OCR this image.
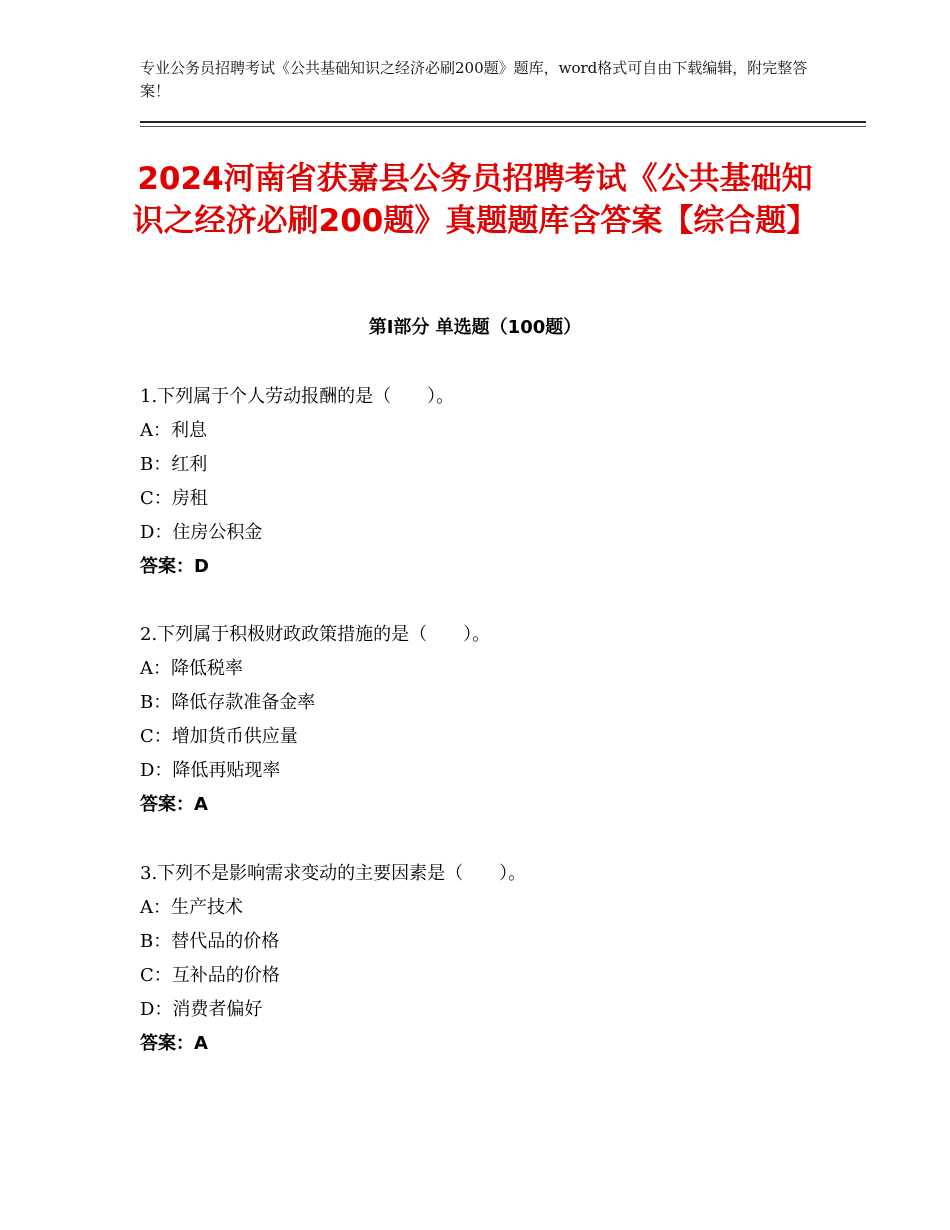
专业公务员招聘考试《公共基础知识之经济必刷200题》题库，word格式可自由下载编辑，附完整答案！
2024河南省获嘉县公务员招聘考试《公共基础知识之经济必刷200题》真题题库含答案【综合题】
第I部分 单选题（100题）
1.下列属于个人劳动报酬的是（　　）。
A：利息
B：红利
C：房租
D：住房公积金
答案：D
2.下列属于积极财政政策措施的是（　　）。
A：降低税率
B：降低存款准备金率
C：增加货币供应量
D：降低再贴现率
答案：A
3.下列不是影响需求变动的主要因素是（　　）。
A：生产技术
B：替代品的价格
C：互补品的价格
D：消费者偏好
答案：A
